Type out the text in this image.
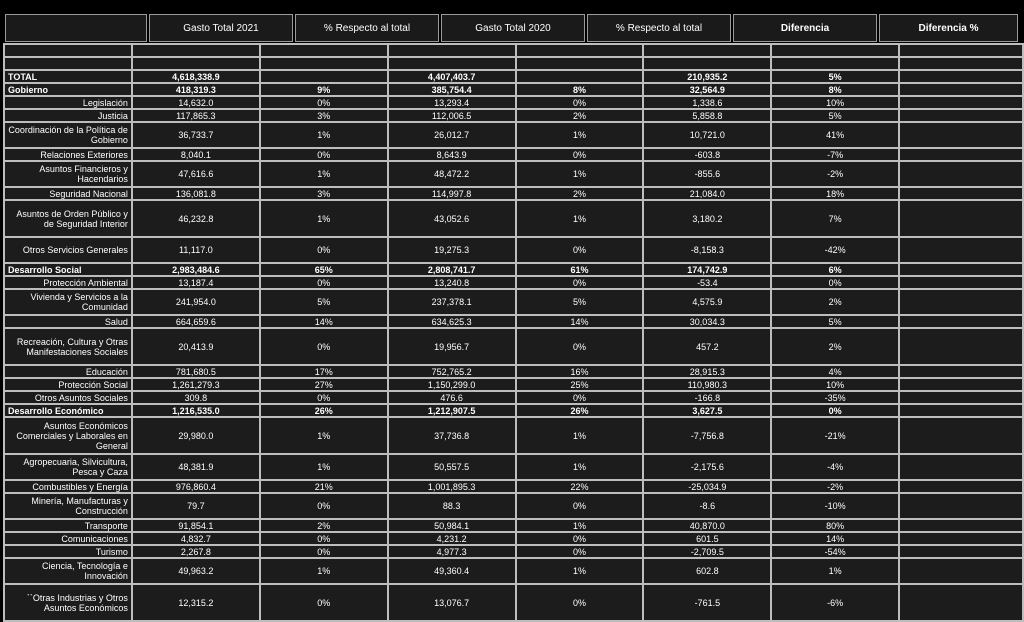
	Gasto Total 2021	% Respecto al total	Gasto Total 2020	% Respecto al total	Diferencia	Diferencia %

TOTAL	4,618,338.9		4,407,403.7		210,935.2	5%	
Gobierno	418,319.3	9%	385,754.4	8%	32,564.9	8%	
Legislación	14,632.0	0%	13,293.4	0%	1,338.6	10%	
Justicia	117,865.3	3%	112,006.5	2%	5,858.8	5%	
Coordinación de la Política de Gobierno	36,733.7	1%	26,012.7	1%	10,721.0	41%	
Relaciones Exteriores	8,040.1	0%	8,643.9	0%	-603.8	-7%	
Asuntos Financieros y Hacendarios	47,616.6	1%	48,472.2	1%	-855.6	-2%	
Seguridad Nacional	136,081.8	3%	114,997.8	2%	21,084.0	18%	
Asuntos de Orden Público y de Seguridad Interior	46,232.8	1%	43,052.6	1%	3,180.2	7%	
Otros Servicios Generales	11,117.0	0%	19,275.3	0%	-8,158.3	-42%	
Desarrollo Social	2,983,484.6	65%	2,808,741.7	61%	174,742.9	6%	
Protección Ambiental	13,187.4	0%	13,240.8	0%	-53.4	0%	
Vivienda y Servicios a la Comunidad	241,954.0	5%	237,378.1	5%	4,575.9	2%	
Salud	664,659.6	14%	634,625.3	14%	30,034.3	5%	
Recreación, Cultura y Otras Manifestaciones Sociales	20,413.9	0%	19,956.7	0%	457.2	2%	
Educación	781,680.5	17%	752,765.2	16%	28,915.3	4%	
Protección Social	1,261,279.3	27%	1,150,299.0	25%	110,980.3	10%	
Otros Asuntos Sociales	309.8	0%	476.6	0%	-166.8	-35%	
Desarrollo Económico	1,216,535.0	26%	1,212,907.5	26%	3,627.5	0%	
Asuntos Económicos Comerciales y Laborales en General	29,980.0	1%	37,736.8	1%	-7,756.8	-21%	
Agropecuaria, Silvicultura, Pesca y Caza	48,381.9	1%	50,557.5	1%	-2,175.6	-4%	
Combustibles y Energía	976,860.4	21%	1,001,895.3	22%	-25,034.9	-2%	
Minería, Manufacturas y Construcción	79.7	0%	88.3	0%	-8.6	-10%	
Transporte	91,854.1	2%	50,984.1	1%	40,870.0	80%	
Comunicaciones	4,832.7	0%	4,231.2	0%	601.5	14%	
Turismo	2,267.8	0%	4,977.3	0%	-2,709.5	-54%	
Ciencia, Tecnología e Innovación	49,963.2	1%	49,360.4	1%	602.8	1%	
``Otras Industrias y Otros Asuntos Económicos	12,315.2	0%	13,076.7	0%	-761.5	-6%	
